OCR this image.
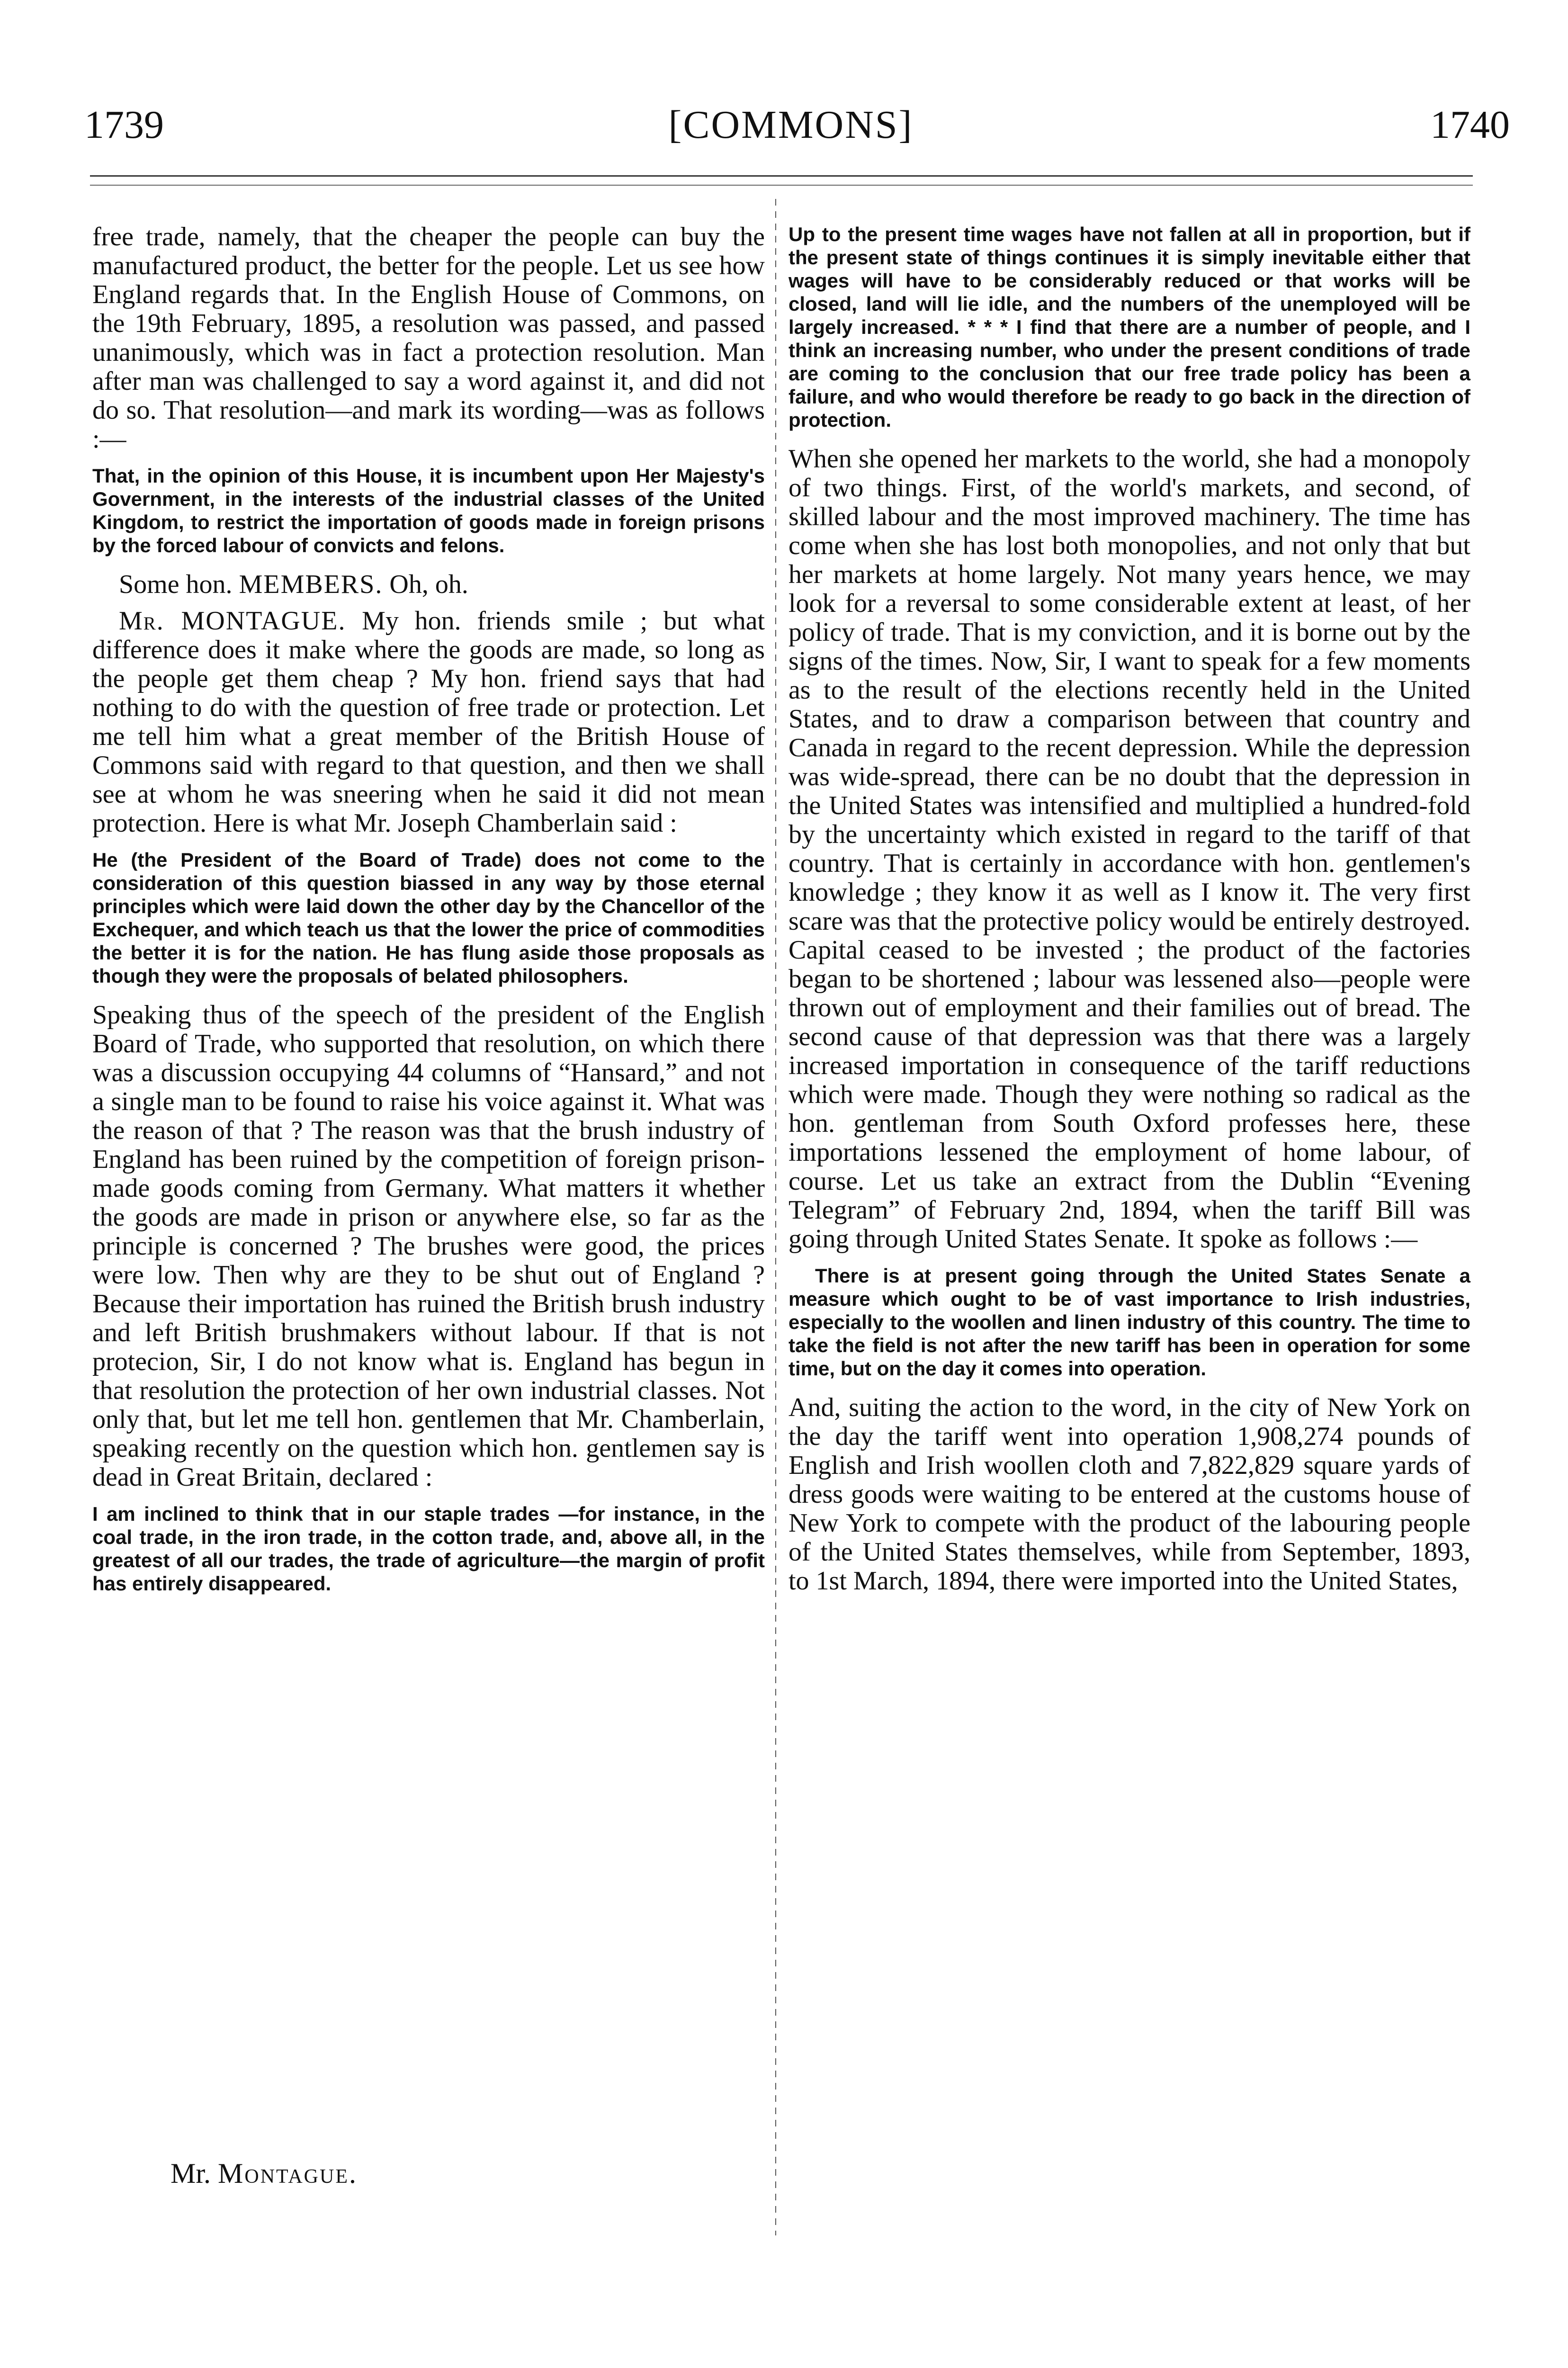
1739	[COMMONS]	1740

free trade, namely, that the cheaper the people can buy the manufactured product, the better for the people. Let us see how England regards that. In the English House of Commons, on the 19th February, 1895, a resolution was passed, and passed unanimously, which was in fact a protection resolution. Man after man was challenged to say a word against it, and did not do so. That resolution—and mark its wording—was as follows :—

That, in the opinion of this House, it is incumbent upon Her Majesty's Government, in the interests of the industrial classes of the United Kingdom, to restrict the importation of goods made in foreign prisons by the forced labour of convicts and felons.

Some hon. MEMBERS. Oh, oh.

Mr. MONTAGUE. My hon. friends smile ; but what difference does it make where the goods are made, so long as the people get them cheap ? My hon. friend says that had nothing to do with the question of free trade or protection. Let me tell him what a great member of the British House of Commons said with regard to that question, and then we shall see at whom he was sneering when he said it did not mean protection. Here is what Mr. Joseph Chamberlain said :

He (the President of the Board of Trade) does not come to the consideration of this question biassed in any way by those eternal principles which were laid down the other day by the Chancellor of the Exchequer, and which teach us that the lower the price of commodities the better it is for the nation. He has flung aside those proposals as though they were the proposals of belated philosophers.

Speaking thus of the speech of the president of the English Board of Trade, who supported that resolution, on which there was a discussion occupying 44 columns of “Hansard,” and not a single man to be found to raise his voice against it. What was the reason of that ? The reason was that the brush industry of England has been ruined by the competition of foreign prison-made goods coming from Germany. What matters it whether the goods are made in prison or anywhere else, so far as the principle is concerned ? The brushes were good, the prices were low. Then why are they to be shut out of England ? Because their importation has ruined the British brush industry and left British brushmakers without labour. If that is not protecion, Sir, I do not know what is. England has begun in that resolution the protection of her own industrial classes. Not only that, but let me tell hon. gentlemen that Mr. Chamberlain, speaking recently on the question which hon. gentlemen say is dead in Great Britain, declared :

I am inclined to think that in our staple trades —for instance, in the coal trade, in the iron trade, in the cotton trade, and, above all, in the greatest of all our trades, the trade of agriculture—the margin of profit has entirely disappeared.

Mr. Montague.

Up to the present time wages have not fallen at all in proportion, but if the present state of things continues it is simply inevitable either that wages will have to be considerably reduced or that works will be closed, land will lie idle, and the numbers of the unemployed will be largely increased. * * * I find that there are a number of people, and I think an increasing number, who under the present conditions of trade are coming to the conclusion that our free trade policy has been a failure, and who would therefore be ready to go back in the direction of protection.

When she opened her markets to the world, she had a monopoly of two things. First, of the world's markets, and second, of skilled labour and the most improved machinery. The time has come when she has lost both monopolies, and not only that but her markets at home largely. Not many years hence, we may look for a reversal to some considerable extent at least, of her policy of trade. That is my conviction, and it is borne out by the signs of the times. Now, Sir, I want to speak for a few moments as to the result of the elections recently held in the United States, and to draw a comparison between that country and Canada in regard to the recent depression. While the depression was wide-spread, there can be no doubt that the depression in the United States was intensified and multiplied a hundred-fold by the uncertainty which existed in regard to the tariff of that country. That is certainly in accordance with hon. gentlemen's knowledge ; they know it as well as I know it. The very first scare was that the protective policy would be entirely destroyed. Capital ceased to be invested ; the product of the factories began to be shortened ; labour was lessened also—people were thrown out of employment and their families out of bread. The second cause of that depression was that there was a largely increased importation in consequence of the tariff reductions which were made. Though they were nothing so radical as the hon. gentleman from South Oxford professes here, these importations lessened the employment of home labour, of course. Let us take an extract from the Dublin “Evening Telegram” of February 2nd, 1894, when the tariff Bill was going through United States Senate. It spoke as follows :—

There is at present going through the United States Senate a measure which ought to be of vast importance to Irish industries, especially to the woollen and linen industry of this country. The time to take the field is not after the new tariff has been in operation for some time, but on the day it comes into operation.

And, suiting the action to the word, in the city of New York on the day the tariff went into operation 1,908,274 pounds of English and Irish woollen cloth and 7,822,829 square yards of dress goods were waiting to be entered at the customs house of New York to compete with the product of the labouring people of the United States themselves, while from September, 1893, to 1st March, 1894, there were imported into the United States,
